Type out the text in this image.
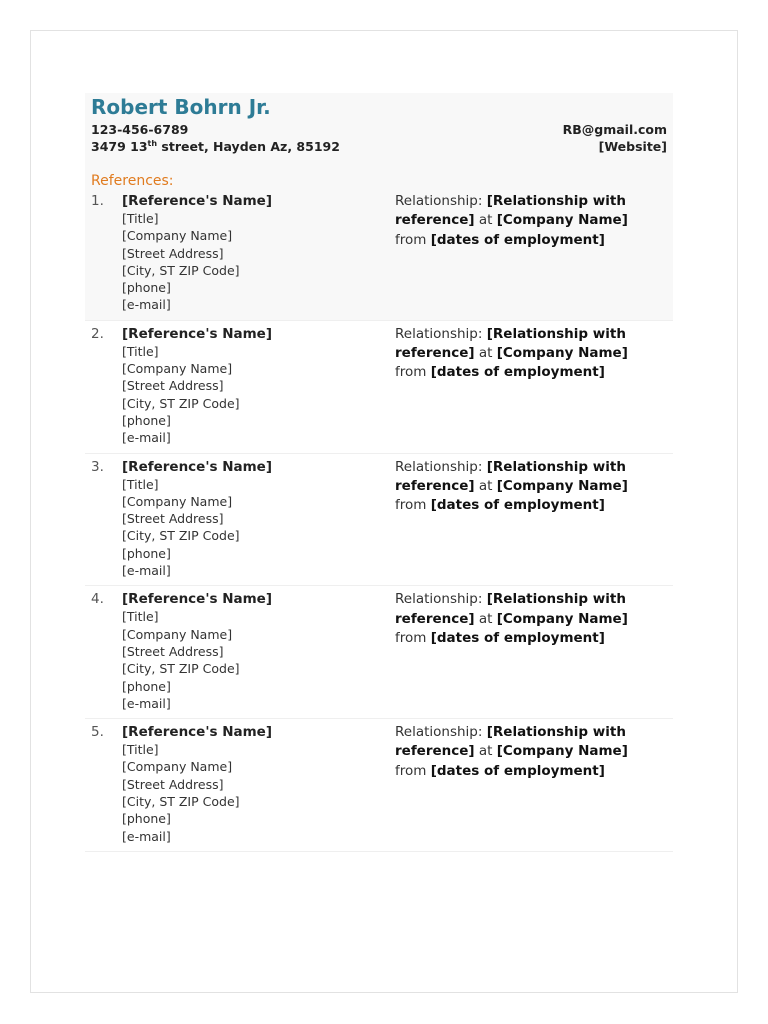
Robert Bohrn Jr.
123-456-6789
3479 13th street, Hayden Az, 85192
RB@gmail.com
[Website]
References:
1.	[Reference's Name]
[Title]
[Company Name]
[Street Address]
[City, ST ZIP Code]
[phone]
[e-mail]
Relationship: [Relationship with reference] at [Company Name]
from [dates of employment]
2.	[Reference's Name]
[Title]
[Company Name]
[Street Address]
[City, ST ZIP Code]
[phone]
[e-mail]
Relationship: [Relationship with reference] at [Company Name]
from [dates of employment]
3.	[Reference's Name]
[Title]
[Company Name]
[Street Address]
[City, ST ZIP Code]
[phone]
[e-mail]
Relationship: [Relationship with reference] at [Company Name]
from [dates of employment]
4.	[Reference's Name]
[Title]
[Company Name]
[Street Address]
[City, ST ZIP Code]
[phone]
[e-mail]
Relationship: [Relationship with reference] at [Company Name]
from [dates of employment]
5.	[Reference's Name]
[Title]
[Company Name]
[Street Address]
[City, ST ZIP Code]
[phone]
[e-mail]
Relationship: [Relationship with reference] at [Company Name]
from [dates of employment]
